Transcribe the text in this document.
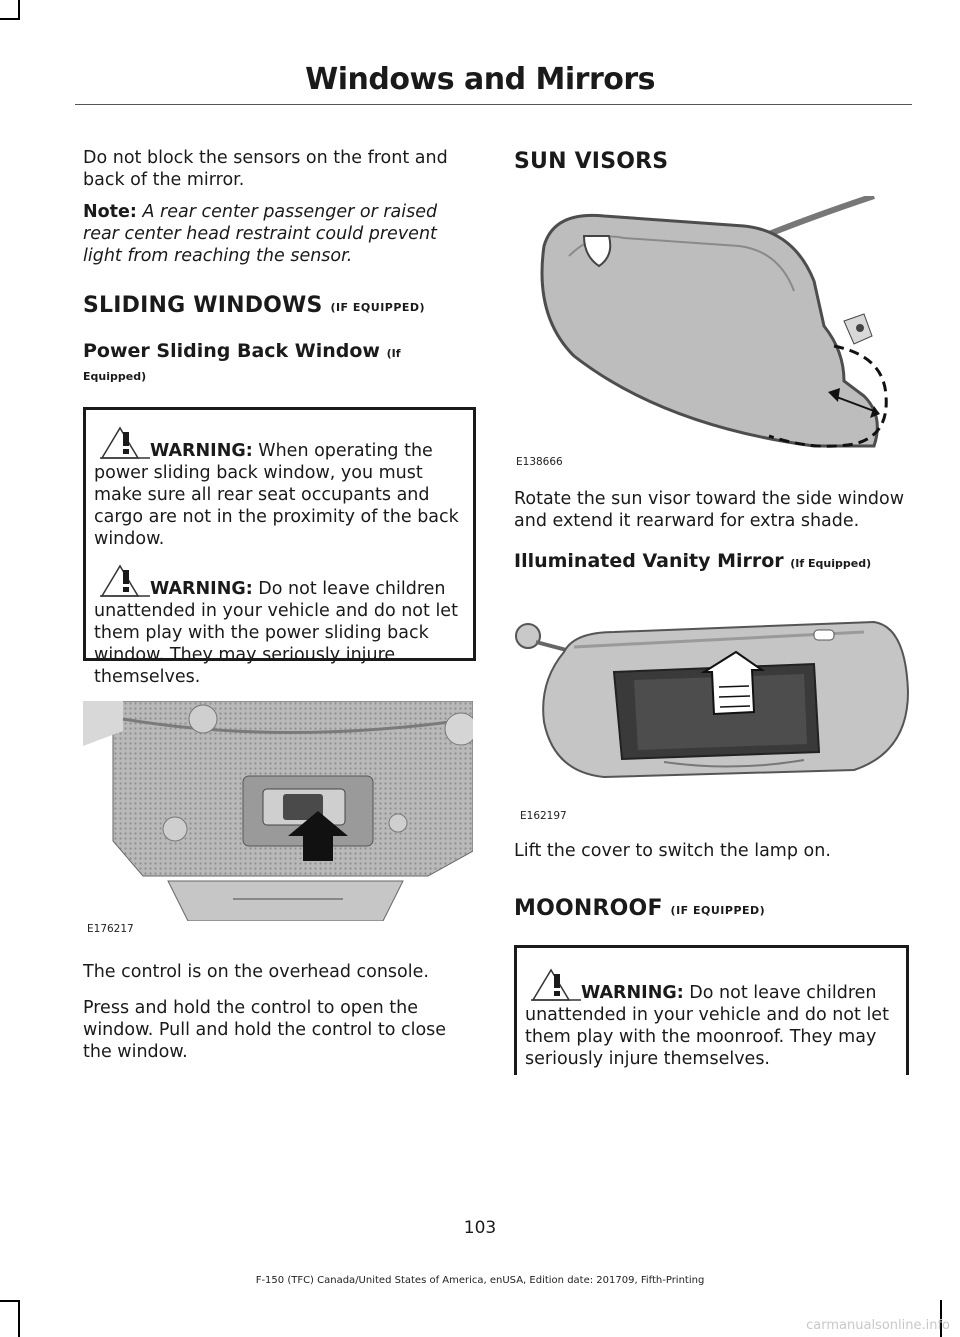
Windows and Mirrors

Do not block the sensors on the front and back of the mirror.

Note: A rear center passenger or raised rear center head restraint could prevent light from reaching the sensor.

SLIDING WINDOWS (IF EQUIPPED)
Power Sliding Back Window (If
Equipped)
WARNING: When operating the power sliding back window, you must make sure all rear seat occupants and cargo are not in the proximity of the back window.
WARNING: Do not leave children unattended in your vehicle and do not let them play with the power sliding back window. They may seriously injure themselves.
E176217

The control is on the overhead console.

Press and hold the control to open the window. Pull and hold the control to close the window.

SUN VISORS
E138666

Rotate the sun visor toward the side window and extend it rearward for extra shade.

Illuminated Vanity Mirror (If Equipped)
E162197

Lift the cover to switch the lamp on.

MOONROOF (IF EQUIPPED)
WARNING: Do not leave children unattended in your vehicle and do not let them play with the moonroof. They may seriously injure themselves.
103
F-150 (TFC) Canada/United States of America, enUSA, Edition date: 201709, Fifth-Printing
carmanualsonline.info
